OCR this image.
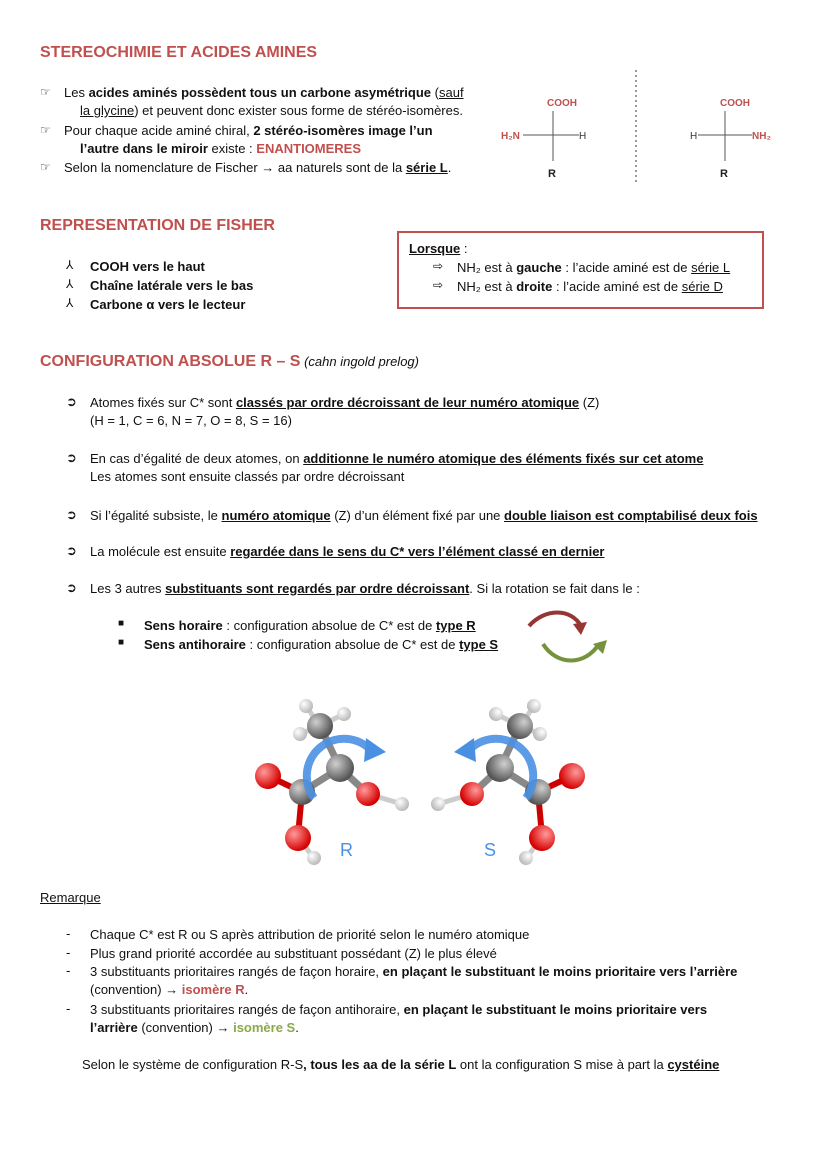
STEREOCHIMIE ET ACIDES AMINES
☞ Les acides aminés possèdent tous un carbone asymétrique (sauf
la glycine) et peuvent donc exister sous forme de stéréo-isomères.
☞ Pour chaque acide aminé chiral, 2 stéréo-isomères image l’un
l’autre dans le miroir existe : ENANTIOMERES
☞ Selon la nomenclature de Fischer → aa naturels sont de la série L.
COOH
H₂N	H
R
COOH
H	NH₂
R
REPRESENTATION DE FISHER
⅄ COOH vers le haut
⅄ Chaîne latérale vers le bas
⅄ Carbone α vers le lecteur
Lorsque :
⇨ NH₂ est à gauche : l’acide aminé est de série L
⇨ NH₂ est à droite : l’acide aminé est de série D
CONFIGURATION ABSOLUE R – S (cahn ingold prelog)
➲ Atomes fixés sur C* sont classés par ordre décroissant de leur numéro atomique (Z)
(H = 1, C = 6, N = 7, O = 8, S = 16)
➲ En cas d’égalité de deux atomes, on additionne le numéro atomique des éléments fixés sur cet atome
Les atomes sont ensuite classés par ordre décroissant
➲ Si l’égalité subsiste, le numéro atomique (Z) d’un élément fixé par une double liaison est comptabilisé deux fois
➲ La molécule est ensuite regardée dans le sens du C* vers l’élément classé en dernier
➲ Les 3 autres substituants sont regardés par ordre décroissant. Si la rotation se fait dans le :
■ Sens horaire : configuration absolue de C* est de type R
■ Sens antihoraire : configuration absolue de C* est de type S
R	S
Remarque
- Chaque C* est R ou S après attribution de priorité selon le numéro atomique
- Plus grand priorité accordée au substituant possédant (Z) le plus élevé
- 3 substituants prioritaires rangés de façon horaire, en plaçant le substituant le moins prioritaire vers l’arrière
(convention) → isomère R.
- 3 substituants prioritaires rangés de façon antihoraire, en plaçant le substituant le moins prioritaire vers
l’arrière (convention) → isomère S.
Selon le système de configuration R-S, tous les aa de la série L ont la configuration S mise à part la cystéine
